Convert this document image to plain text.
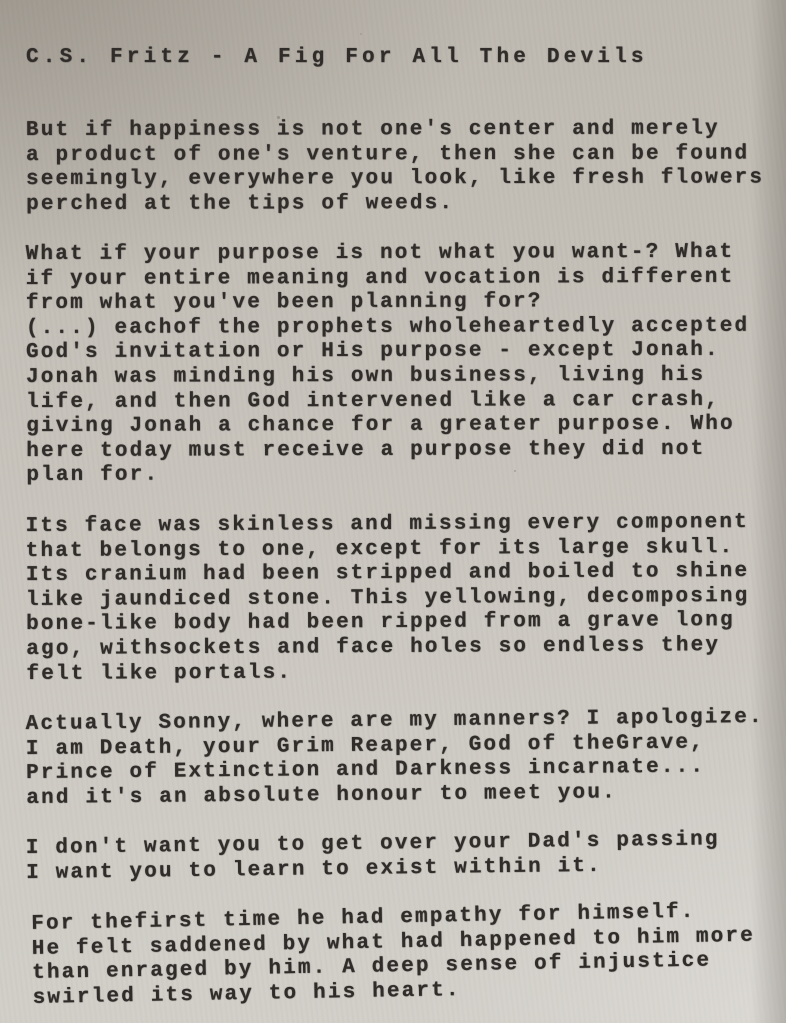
C.S. Fritz - A Fig For All The Devils

But if happiness is not one's center and merely
a product of one's venture, then she can be found
seemingly, everywhere you look, like fresh flowers
perched at the tips of weeds.

What if your purpose is not what you want-? What
if your entire meaning and vocation is different
from what you've been planning for?
(...) eachof the prophets wholeheartedly accepted
God's invitation or His purpose - except Jonah.
Jonah was minding his own business, living his
life, and then God intervened like a car crash,
giving Jonah a chance for a greater purpose. Who
here today must receive a purpose they did not
plan for.

Its face was skinless and missing every component
that belongs to one, except for its large skull.
Its cranium had been stripped and boiled to shine
like jaundiced stone. This yellowing, decomposing
bone-like body had been ripped from a grave long
ago, withsockets and face holes so endless they
felt like portals.

Actually Sonny, where are my manners? I apologize.
I am Death, your Grim Reaper, God of theGrave,
Prince of Extinction and Darkness incarnate...
and it's an absolute honour to meet you.

I don't want you to get over your Dad's passing
I want you to learn to exist within it.

For thefirst time he had empathy for himself.
He felt saddened by what had happened to him more
than enraged by him. A deep sense of injustice
swirled its way to his heart.
